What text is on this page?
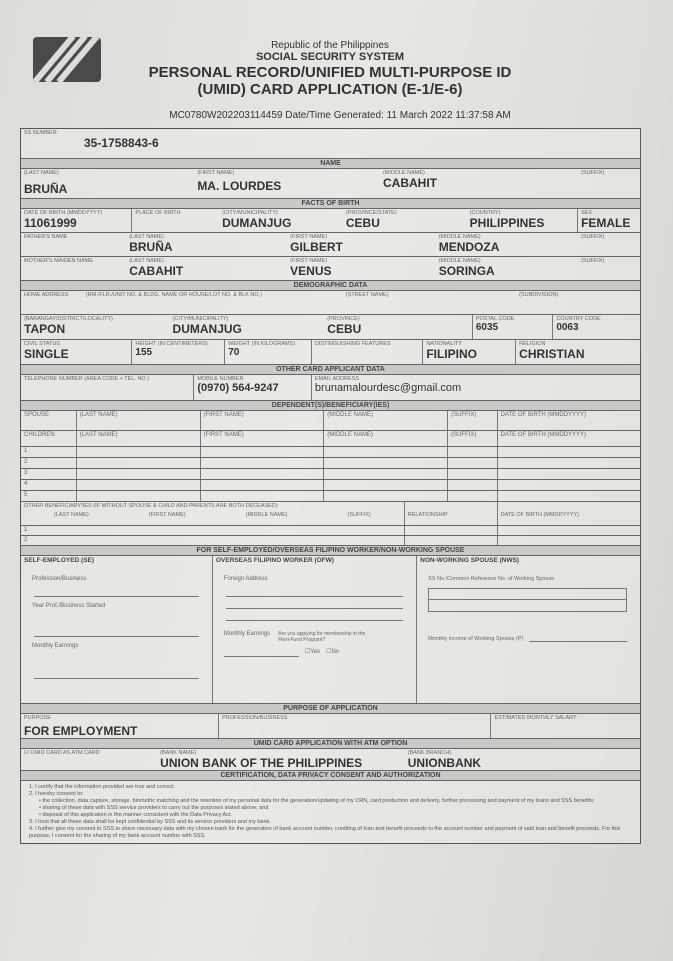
Republic of the Philippines
SOCIAL SECURITY SYSTEM
PERSONAL RECORD/UNIFIED MULTI-PURPOSE ID
(UMID) CARD APPLICATION (E-1/E-6)
MC0780W202203114459 Date/Time Generated: 11 March 2022 11:37:58 AM
SS NUMBER
35-1758843-6
NAME
(LAST NAME)
BRUÑA
(FIRST NAME)
MA. LOURDES
(MIDDLE NAME)
CABAHIT
(SUFFIX)
FACTS OF BIRTH
DATE OF BIRTH (MMDDYYYY)
11061999
PLACE OF BIRTH	(CITY/MUNICIPALITY)
DUMANJUG
(PROVINCE/STATE)
CEBU
(COUNTRY)
PHILIPPINES
SEX
FEMALE
FATHER'S NAME	(LAST NAME)
BRUÑA
(FIRST NAME)
GILBERT
(MIDDLE NAME)
MENDOZA
(SUFFIX)
MOTHER'S MAIDEN NAME	(LAST NAME)
CABAHIT
(FIRST NAME)
VENUS
(MIDDLE NAME)
SORINGA
(SUFFIX)
DEMOGRAPHIC DATA
HOME ADDRESS	(RM./FLR./UNIT NO. & BLDG. NAME OR HOUSE/LOT NO. & BLK NO.)	(STREET NAME)	(SUBDIVISION)
(BARANGAY/DISTRICT/LOCALITY)
TAPON
(CITY/MUNICIPALITY)
DUMANJUG
(PROVINCE)
CEBU
POSTAL CODE
6035
COUNTRY CODE
0063
CIVIL STATUS
SINGLE
HEIGHT (IN CENTIMETERS)
155
WEIGHT (IN KILOGRAMS)
70
DISTINGUISHING FEATURES	NATIONALITY
FILIPINO
RELIGION
CHRISTIAN
OTHER CARD APPLICANT DATA
TELEPHONE NUMBER (AREA CODE + TEL. NO.)	MOBILE NUMBER
(0970) 564-9247
EMAIL ADDRESS
brunamalourdesc@gmail.com
DEPENDENT(S)/BENEFICIARY(IES)
SPOUSE	(LAST NAME)	(FIRST NAME)	(MIDDLE NAME)	(SUFFIX)	DATE OF BIRTH (MMDDYYYY)
CHILDREN	(LAST NAME)	(FIRST NAME)	(MIDDLE NAME)	(SUFFIX)	DATE OF BIRTH (MMDDYYYY)
1
2
3
4
5
OTHER BENEFICIARY/IES (IF WITHOUT SPOUSE & CHILD AND PARENTS ARE BOTH DECEASED)
(LAST NAME)	(FIRST NAME)	(MIDDLE NAME)	(SUFFIX)	RELATIONSHIP	DATE OF BIRTH (MMDDYYYY)
1
2
FOR SELF-EMPLOYED/OVERSEAS FILIPINO WORKER/NON-WORKING SPOUSE
SELF-EMPLOYED (SE)
Profession/Business
Year Prof./Business Started
Monthly Earnings
OVERSEAS FILIPINO WORKER (OFW)
Foreign Address
Monthly Earnings Are you applying for membership in the Flexi-Fund Program?
☐Yes ☐No
NON-WORKING SPOUSE (NWS)
SS No./Common Reference No. of Working Spouse
Monthly income of Working Spouse (P)
PURPOSE OF APPLICATION
PURPOSE
FOR EMPLOYMENT
PROFESSION/BUSINESS	ESTIMATED MONTHLY SALARY
UMID CARD APPLICATION WITH ATM OPTION
☑ UMID CARD AS ATM CARD	(BANK NAME)
UNION BANK OF THE PHILIPPINES
(BANK BRANCH)
UNIONBANK
CERTIFICATION, DATA PRIVACY CONSENT AND AUTHORIZATION
1. I certify that the information provided are true and correct.
2. I hereby consent to:
• the collection, data capture, storage, biometric matching and the retention of my personal data for the generation/updating of my CRN, card production and delivery, further processing and payment of my loans and SSS benefits;
• sharing of these data with SSS service providers to carry out the purposes stated above; and
• disposal of this application in the manner consistent with the Data Privacy Act.
3. I trust that all these data shall be kept confidential by SSS and its service providers and my bank.
4. I further give my consent to SSS to share necessary data with my chosen bank for the generation of bank account number, crediting of loan and benefit proceeds to the account number and payment of said loan and benefit proceeds. For this purpose, I consent for the sharing of my bank account number with SSS.
